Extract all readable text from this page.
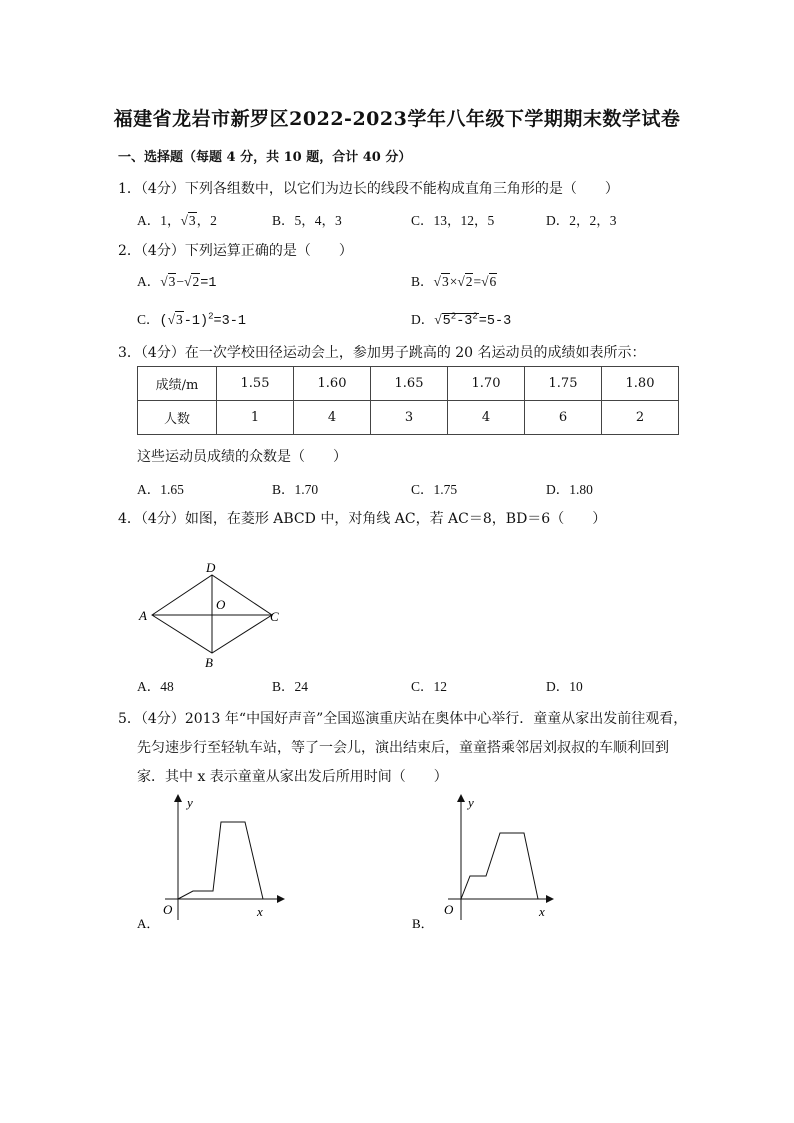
福建省龙岩市新罗区2022-2023学年八年级下学期期末数学试卷
一、选择题（每题 4 分，共 10 题，合计 40 分）
1．（4分）下列各组数中，以它们为边长的线段不能构成直角三角形的是（　　）
A．1，√3，2	B．5，4，3	C．13，12，5	D．2，2，3
2．（4分）下列运算正确的是（　　）
A．√3−√2=1	B．√3×√2=√6
C．$(√3-1)^2=3-1$	D．$√5^2-3^2=5-3$
3．（4分）在一次学校田径运动会上，参加男子跳高的 20 名运动员的成绩如表所示：
成绩/m	1.55	1.60	1.65	1.70	1.75	1.80
人数	1	4	3	4	6	2
这些运动员成绩的众数是（　　）
A．1.65	B．1.70	C．1.75	D．1.80
4．（4分）如图，在菱形 ABCD 中，对角线 AC，若 AC＝8，BD＝6（　　）
A
D
O
C
B
A．48	B．24	C．12	D．10
5．（4分）2013 年“中国好声音”全国巡演重庆站在奥体中心举行．童童从家出发前往观看，
先匀速步行至轻轨车站，等了一会儿，演出结束后，童童搭乘邻居刘叔叔的车顺利回到
家．其中 x 表示童童从家出发后所用时间（　　）
y
O	x
A．
y
O	x
B．
